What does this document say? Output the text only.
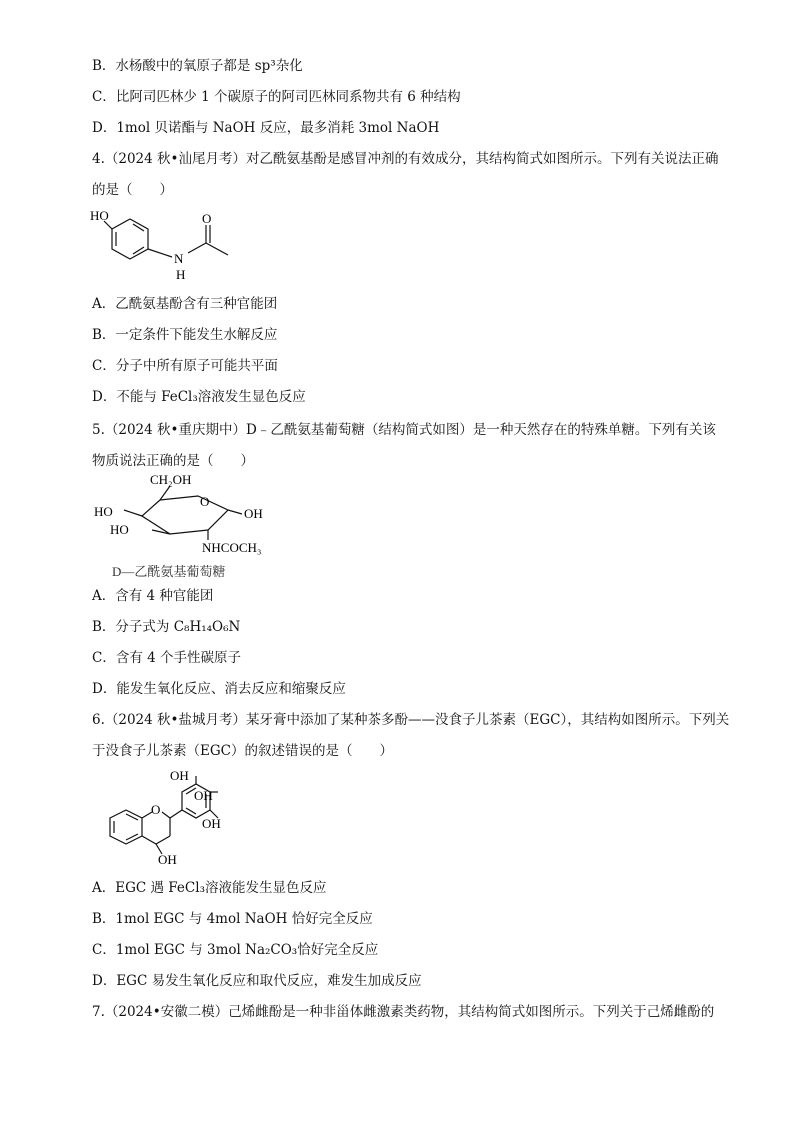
B．水杨酸中的氧原子都是 sp³杂化
C．比阿司匹林少 1 个碳原子的阿司匹林同系物共有 6 种结构
D．1mol 贝诺酯与 NaOH 反应，最多消耗 3mol NaOH
4.（2024 秋•汕尾月考）对乙酰氨基酚是感冒冲剂的有效成分，其结构简式如图所示。下列有关说法正确
的是（　　）
HO	O
N
H
A．乙酰氨基酚含有三种官能团
B．一定条件下能发生水解反应
C．分子中所有原子可能共平面
D．不能与 FeCl₃溶液发生显色反应
5.（2024 秋•重庆期中）D﹣乙酰氨基葡萄糖（结构简式如图）是一种天然存在的特殊单糖。下列有关该
物质说法正确的是（　　）
CH₂OH
O
HO
HO
OH
NHCOCH₃
D—乙酰氨基葡萄糖
A．含有 4 种官能团
B．分子式为 C₈H₁₄O₆N
C．含有 4 个手性碳原子
D．能发生氧化反应、消去反应和缩聚反应
6.（2024 秋•盐城月考）某牙膏中添加了某种茶多酚——没食子儿茶素（EGC），其结构如图所示。下列关
于没食子儿茶素（EGC）的叙述错误的是（　　）
O
OH
OH
OH
OH
A．EGC 遇 FeCl₃溶液能发生显色反应
B．1mol EGC 与 4mol NaOH 恰好完全反应
C．1mol EGC 与 3mol Na₂CO₃恰好完全反应
D．EGC 易发生氧化反应和取代反应，难发生加成反应
7.（2024•安徽二模）己烯雌酚是一种非甾体雌激素类药物，其结构简式如图所示。下列关于己烯雌酚的
